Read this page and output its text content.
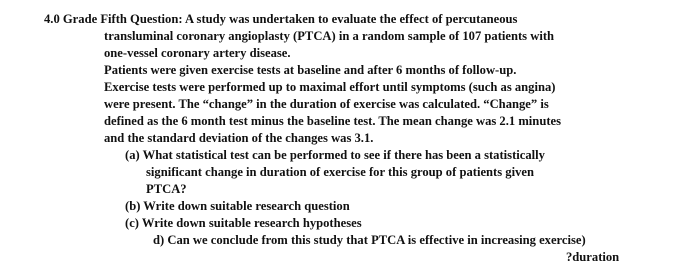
4.0 Grade Fifth Question: A study was undertaken to evaluate the effect of percutaneous
transluminal coronary angioplasty (PTCA) in a random sample of 107 patients with
one-vessel coronary artery disease.
Patients were given exercise tests at baseline and after 6 months of follow-up.
Exercise tests were performed up to maximal effort until symptoms (such as angina)
were present. The “change” in the duration of exercise was calculated. “Change” is
defined as the 6 month test minus the baseline test. The mean change was 2.1 minutes
and the standard deviation of the changes was 3.1.
(a) What statistical test can be performed to see if there has been a statistically
significant change in duration of exercise for this group of patients given
PTCA?
(b) Write down suitable research question
(c) Write down suitable research hypotheses
d) Can we conclude from this study that PTCA is effective in increasing exercise)
?duration
